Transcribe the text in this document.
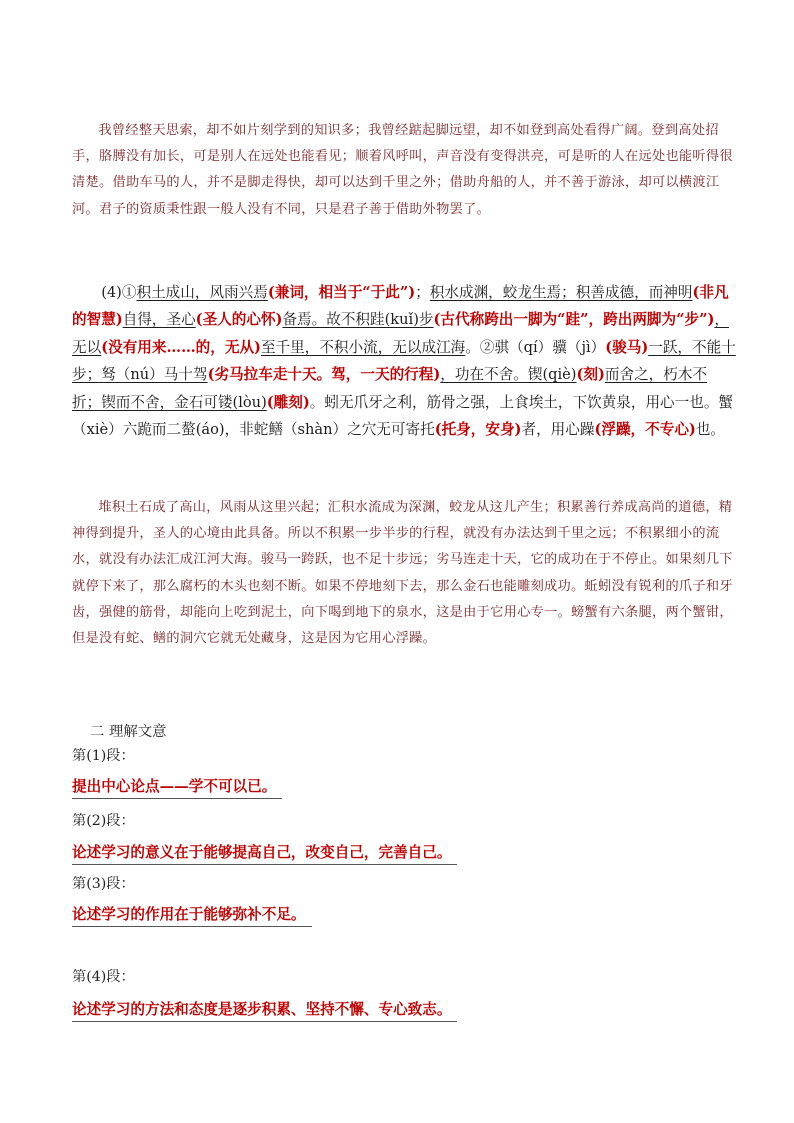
我曾经整天思索，却不如片刻学到的知识多；我曾经踮起脚远望，却不如登到高处看得广阔。登到高处招手，胳膊没有加长，可是别人在远处也能看见；顺着风呼叫，声音没有变得洪亮，可是听的人在远处也能听得很清楚。借助车马的人，并不是脚走得快，却可以达到千里之外；借助舟船的人，并不善于游泳，却可以横渡江河。君子的资质秉性跟一般人没有不同，只是君子善于借助外物罢了。

(4)①积土成山，风雨兴焉(兼词，相当于“于此”)；积水成渊，蛟龙生焉；积善成德，而神明(非凡的智慧)自得，圣心(圣人的心怀)备焉。故不积跬(kuǐ)步(古代称跨出一脚为“跬”，跨出两脚为“步”)，无以(没有用来……的，无从)至千里，不积小流，无以成江海。②骐（qí）骥（jì）(骏马)一跃，不能十步；驽（nú）马十驾(劣马拉车走十天。驾，一天的行程)，功在不舍。锲(qiè)(刻)而舍之，朽木不折；锲而不舍，金石可镂(lòu)(雕刻)。蚓无爪牙之利，筋骨之强，上食埃土，下饮黄泉，用心一也。蟹（xiè）六跪而二螯(áo)，非蛇鳝（shàn）之穴无可寄托(托身，安身)者，用心躁(浮躁，不专心)也。

堆积土石成了高山，风雨从这里兴起；汇积水流成为深渊，蛟龙从这儿产生；积累善行养成高尚的道德，精神得到提升，圣人的心境由此具备。所以不积累一步半步的行程，就没有办法达到千里之远；不积累细小的流水，就没有办法汇成江河大海。骏马一跨跃，也不足十步远；劣马连走十天，它的成功在于不停止。如果刻几下就停下来了，那么腐朽的木头也刻不断。如果不停地刻下去，那么金石也能雕刻成功。蚯蚓没有锐利的爪子和牙齿，强健的筋骨，却能向上吃到泥土，向下喝到地下的泉水，这是由于它用心专一。螃蟹有六条腿，两个蟹钳，但是没有蛇、鳝的洞穴它就无处藏身，这是因为它用心浮躁。

二 理解文意

第(1)段：

提出中心论点——学不可以已。

第(2)段：

论述学习的意义在于能够提高自己，改变自己，完善自己。

第(3)段：

论述学习的作用在于能够弥补不足。

第(4)段：

论述学习的方法和态度是逐步积累、坚持不懈、专心致志。
